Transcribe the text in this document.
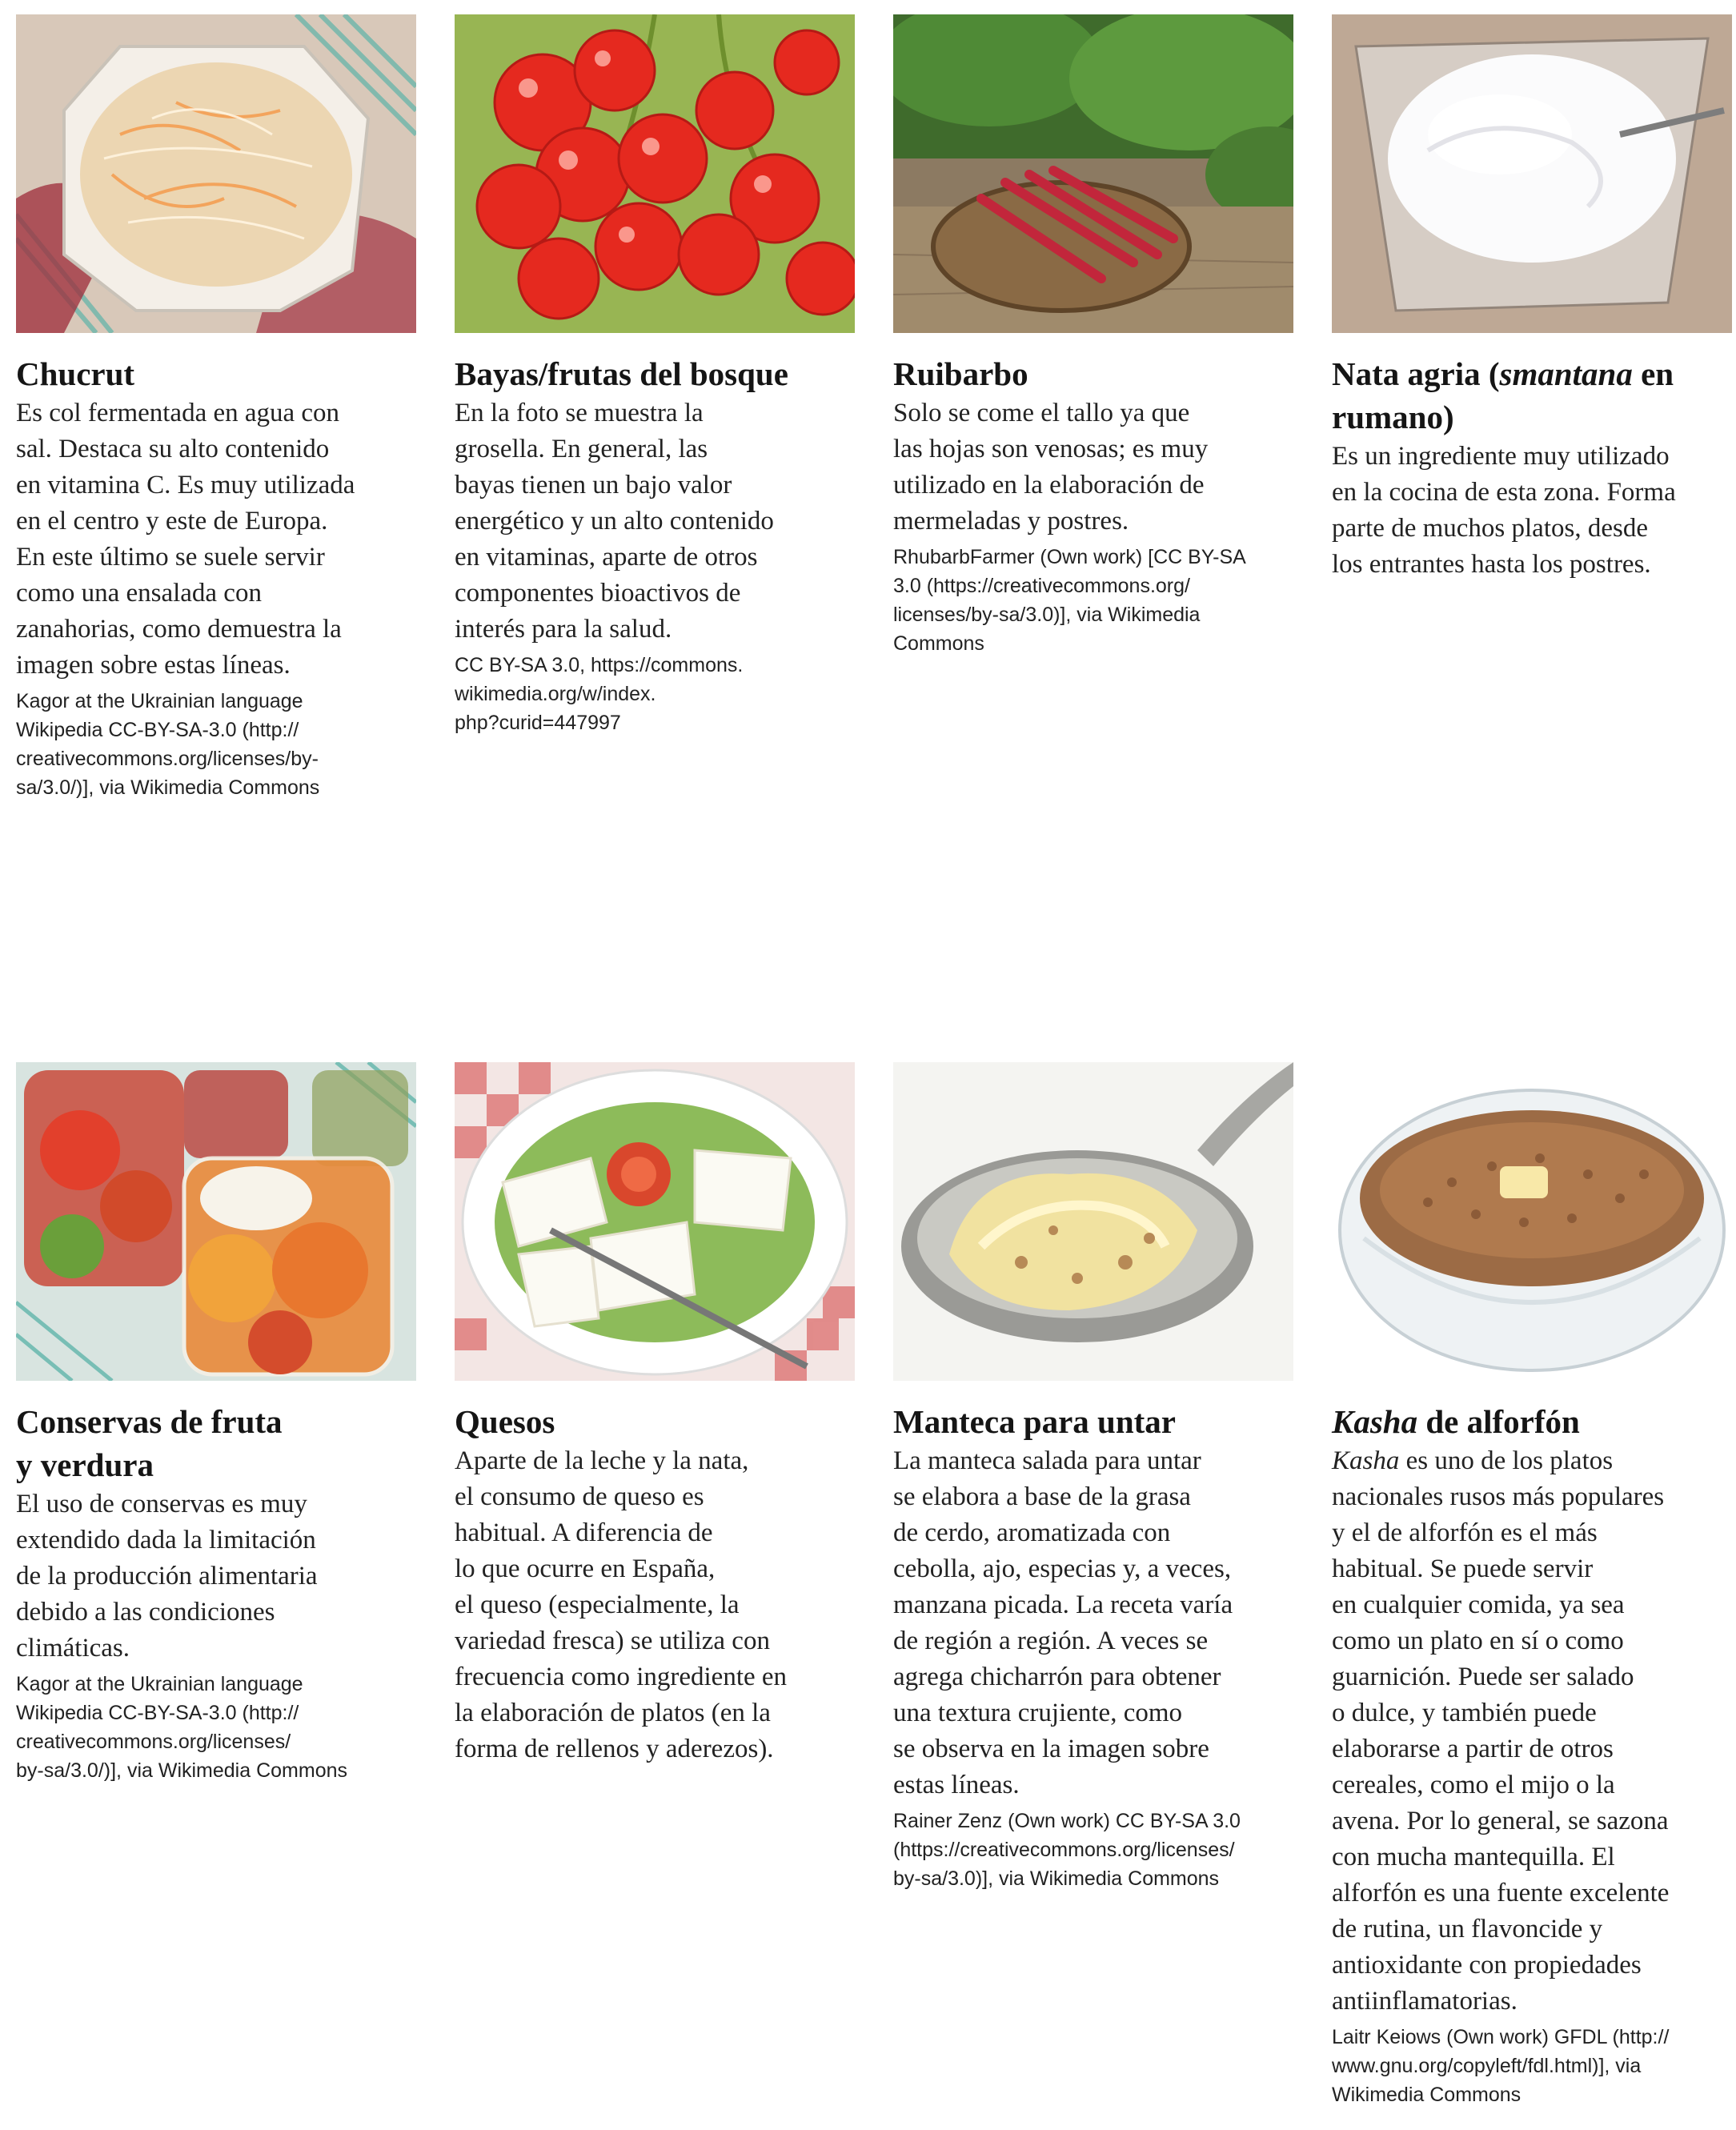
Chucrut

Es col fermentada en agua con
sal. Destaca su alto contenido
en vitamina C. Es muy utilizada
en el centro y este de Europa.
En este último se suele servir
como una ensalada con
zanahorias, como demuestra la
imagen sobre estas líneas.

Kagor at the Ukrainian language
Wikipedia CC-BY-SA-3.0 (http://
creativecommons.org/licenses/by-
sa/3.0/)], via Wikimedia Commons

Bayas/frutas del bosque

En la foto se muestra la
grosella. En general, las
bayas tienen un bajo valor
energético y un alto contenido
en vitaminas, aparte de otros
componentes bioactivos de
interés para la salud.

CC BY-SA 3.0, https://commons.
wikimedia.org/w/index.
php?curid=447997

Ruibarbo

Solo se come el tallo ya que
las hojas son venosas; es muy
utilizado en la elaboración de
mermeladas y postres.

RhubarbFarmer (Own work) [CC BY-SA
3.0 (https://creativecommons.org/
licenses/by-sa/3.0)], via Wikimedia
Commons

Nata agria (smantana en
rumano)

Es un ingrediente muy utilizado
en la cocina de esta zona. Forma
parte de muchos platos, desde
los entrantes hasta los postres.

Conservas de fruta
y verdura

El uso de conservas es muy
extendido dada la limitación
de la producción alimentaria
debido a las condiciones
climáticas.

Kagor at the Ukrainian language
Wikipedia CC-BY-SA-3.0 (http://
creativecommons.org/licenses/
by-sa/3.0/)], via Wikimedia Commons

Quesos

Aparte de la leche y la nata,
el consumo de queso es
habitual. A diferencia de
lo que ocurre en España,
el queso (especialmente, la
variedad fresca) se utiliza con
frecuencia como ingrediente en
la elaboración de platos (en la
forma de rellenos y aderezos).

Manteca para untar

La manteca salada para untar
se elabora a base de la grasa
de cerdo, aromatizada con
cebolla, ajo, especias y, a veces,
manzana picada. La receta varía
de región a región. A veces se
agrega chicharrón para obtener
una textura crujiente, como
se observa en la imagen sobre
estas líneas.

Rainer Zenz (Own work) CC BY-SA 3.0
(https://creativecommons.org/licenses/
by-sa/3.0)], via Wikimedia Commons

Kasha de alforfón

Kasha es uno de los platos
nacionales rusos más populares
y el de alforfón es el más
habitual. Se puede servir
en cualquier comida, ya sea
como un plato en sí o como
guarnición. Puede ser salado
o dulce, y también puede
elaborarse a partir de otros
cereales, como el mijo o la
avena. Por lo general, se sazona
con mucha mantequilla. El
alforfón es una fuente excelente
de rutina, un flavoncide y
antioxidante con propiedades
antiinflamatorias.

Laitr Keiows (Own work) GFDL (http://
www.gnu.org/copyleft/fdl.html)], via
Wikimedia Commons
